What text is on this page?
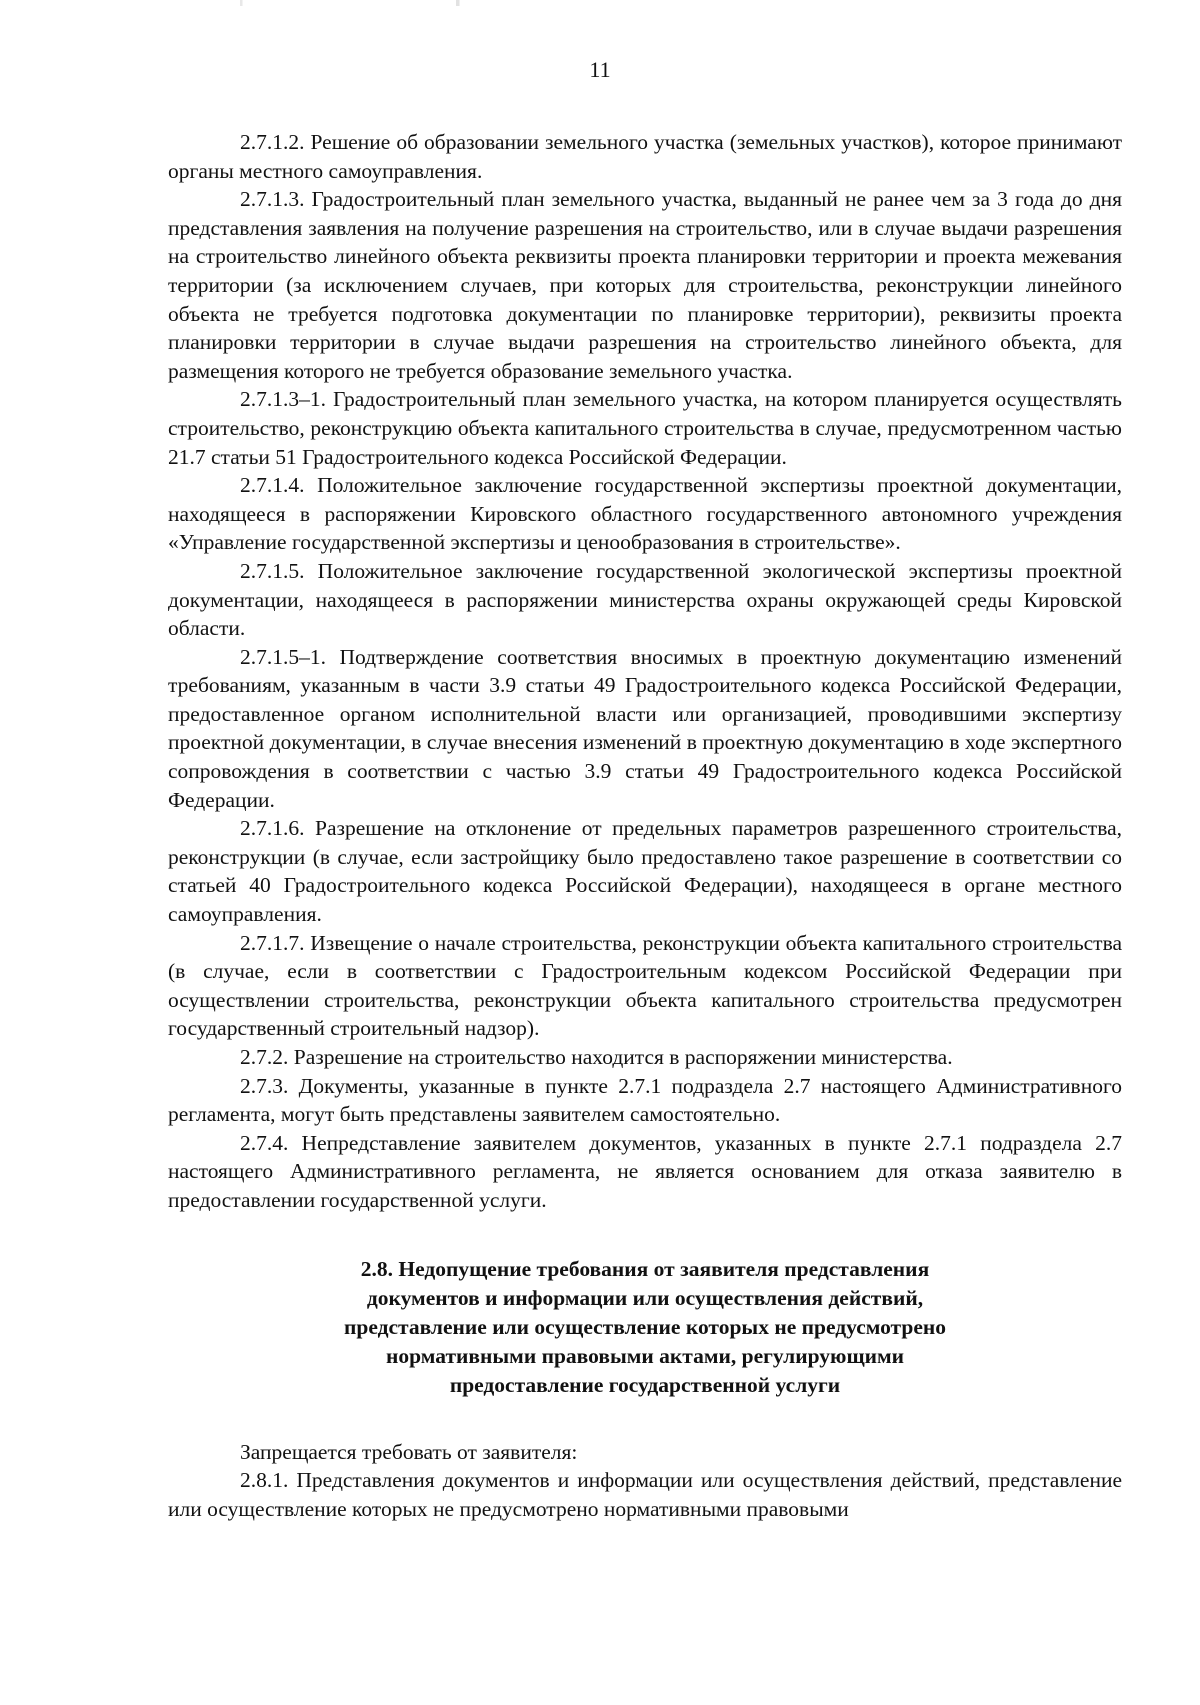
11

2.7.1.2. Решение об образовании земельного участка (земельных участков), которое принимают органы местного самоуправления.

2.7.1.3. Градостроительный план земельного участка, выданный не ранее чем за 3 года до дня представления заявления на получение разрешения на строительство, или в случае выдачи разрешения на строительство линейного объекта реквизиты проекта планировки территории и проекта межевания территории (за исключением случаев, при которых для строительства, реконструкции линейного объекта не требуется подготовка документации по планировке территории), реквизиты проекта планировки территории в случае выдачи разрешения на строительство линейного объекта, для размещения которого не требуется образование земельного участка.

2.7.1.3–1. Градостроительный план земельного участка, на котором планируется осуществлять строительство, реконструкцию объекта капитального строительства в случае, предусмотренном частью 21.7 статьи 51 Градостроительного кодекса Российской Федерации.

2.7.1.4. Положительное заключение государственной экспертизы проектной документации, находящееся в распоряжении Кировского областного государственного автономного учреждения «Управление государственной экспертизы и ценообразования в строительстве».

2.7.1.5. Положительное заключение государственной экологической экспертизы проектной документации, находящееся в распоряжении министерства охраны окружающей среды Кировской области.

2.7.1.5–1. Подтверждение соответствия вносимых в проектную документацию изменений требованиям, указанным в части 3.9 статьи 49 Градостроительного кодекса Российской Федерации, предоставленное органом исполнительной власти или организацией, проводившими экспертизу проектной документации, в случае внесения изменений в проектную документацию в ходе экспертного сопровождения в соответствии с частью 3.9 статьи 49 Градостроительного кодекса Российской Федерации.

2.7.1.6. Разрешение на отклонение от предельных параметров разрешенного строительства, реконструкции (в случае, если застройщику было предоставлено такое разрешение в соответствии со статьей 40 Градостроительного кодекса Российской Федерации), находящееся в органе местного самоуправления.

2.7.1.7. Извещение о начале строительства, реконструкции объекта капитального строительства (в случае, если в соответствии с Градостроительным кодексом Российской Федерации при осуществлении строительства, реконструкции объекта капитального строительства предусмотрен государственный строительный надзор).

2.7.2. Разрешение на строительство находится в распоряжении министерства.

2.7.3. Документы, указанные в пункте 2.7.1 подраздела 2.7 настоящего Административного регламента, могут быть представлены заявителем самостоятельно.

2.7.4. Непредставление заявителем документов, указанных в пункте 2.7.1 подраздела 2.7 настоящего Административного регламента, не является основанием для отказа заявителю в предоставлении государственной услуги.

2.8. Недопущение требования от заявителя представления
документов и информации или осуществления действий,
представление или осуществление которых не предусмотрено
нормативными правовыми актами, регулирующими
предоставление государственной услуги

Запрещается требовать от заявителя:

2.8.1. Представления документов и информации или осуществления действий, представление или осуществление которых не предусмотрено нормативными правовыми
